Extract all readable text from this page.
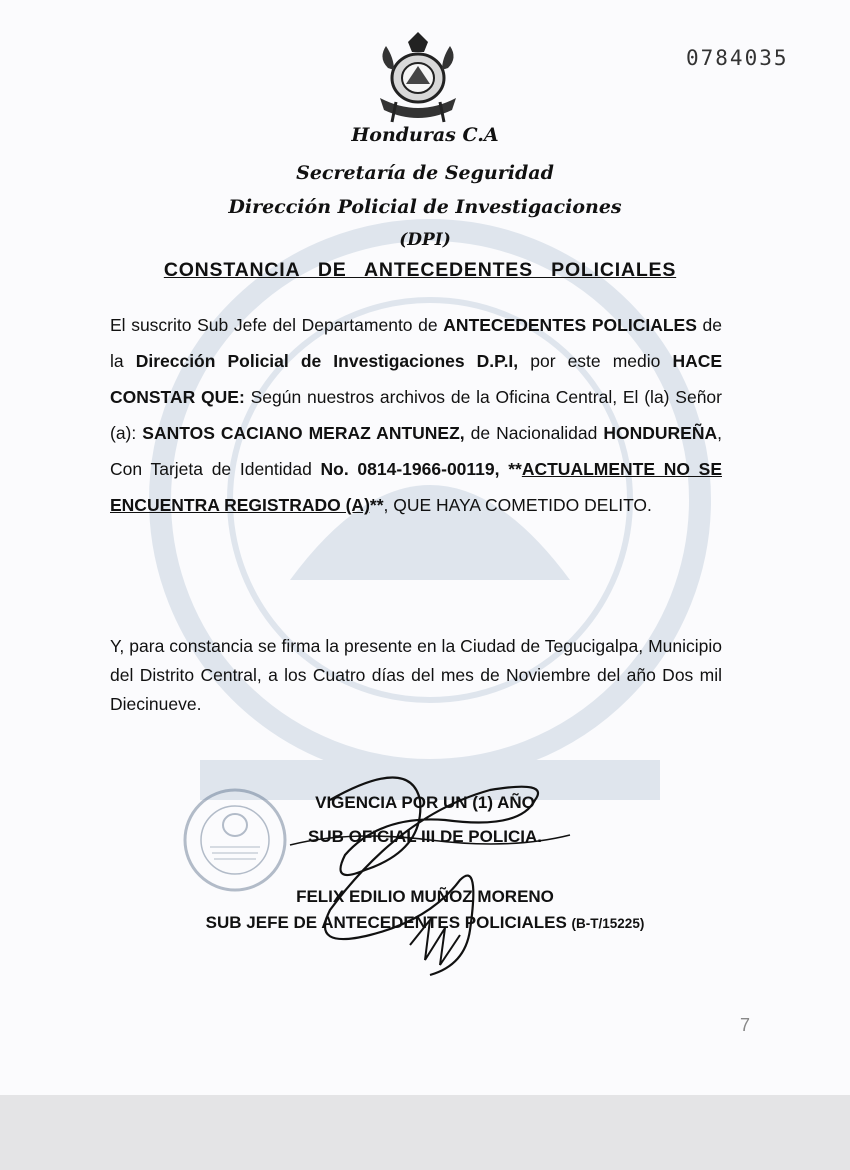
0784035
Honduras C.A
Secretaría de Seguridad
Dirección Policial de Investigaciones
(DPI)
CONSTANCIA DE ANTECEDENTES POLICIALES
El suscrito Sub Jefe del Departamento de ANTECEDENTES POLICIALES de la Dirección Policial de Investigaciones D.P.I, por este medio HACE CONSTAR QUE: Según nuestros archivos de la Oficina Central, El (la) Señor (a): SANTOS CACIANO MERAZ ANTUNEZ, de Nacionalidad HONDUREÑA, Con Tarjeta de Identidad No. 0814-1966-00119, **ACTUALMENTE NO SE ENCUENTRA REGISTRADO (A)**, QUE HAYA COMETIDO DELITO.
Y, para constancia se firma la presente en la Ciudad de Tegucigalpa, Municipio del Distrito Central, a los Cuatro días del mes de Noviembre del año Dos mil Diecinueve.
VIGENCIA POR UN (1) AÑO
SUB OFICIAL III DE POLICIA.
FELIX EDILIO MUÑOZ MORENO
SUB JEFE DE ANTECEDENTES POLICIALES (B-T/15225)
7
